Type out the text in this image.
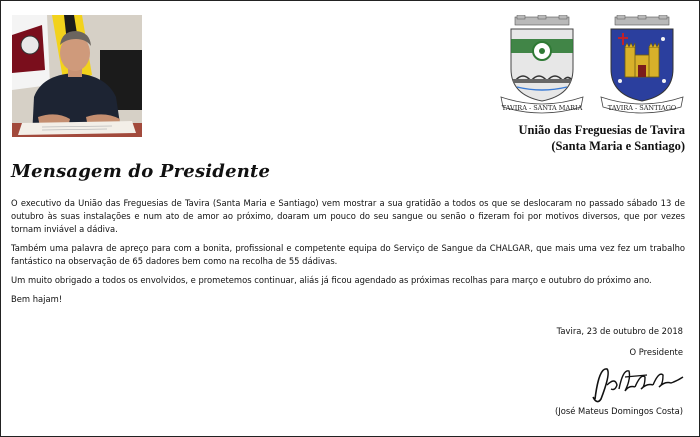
TAVIRA - SANTA MARIA	TAVIRA - SANTIAGO
União das Freguesias de Tavira
(Santa Maria e Santiago)
Mensagem do Presidente

O executivo da União das Freguesias de Tavira (Santa Maria e Santiago) vem mostrar a sua gratidão a todos os que se deslocaram no passado sábado 13 de outubro às suas instalações e num ato de amor ao próximo, doaram um pouco do seu sangue ou senão o fizeram foi por motivos diversos, que por vezes tornam inviável a dádiva.

Também uma palavra de apreço para com a bonita, profissional e competente equipa do Serviço de Sangue da CHALGAR, que mais uma vez fez um trabalho fantástico na observação de 65 dadores bem como na recolha de 55 dádivas.

Um muito obrigado a todos os envolvidos, e prometemos continuar, aliás já ficou agendado as próximas recolhas para março e outubro do próximo ano.

Bem hajam!

Tavira, 23 de outubro de 2018
O Presidente
(José Mateus Domingos Costa)
